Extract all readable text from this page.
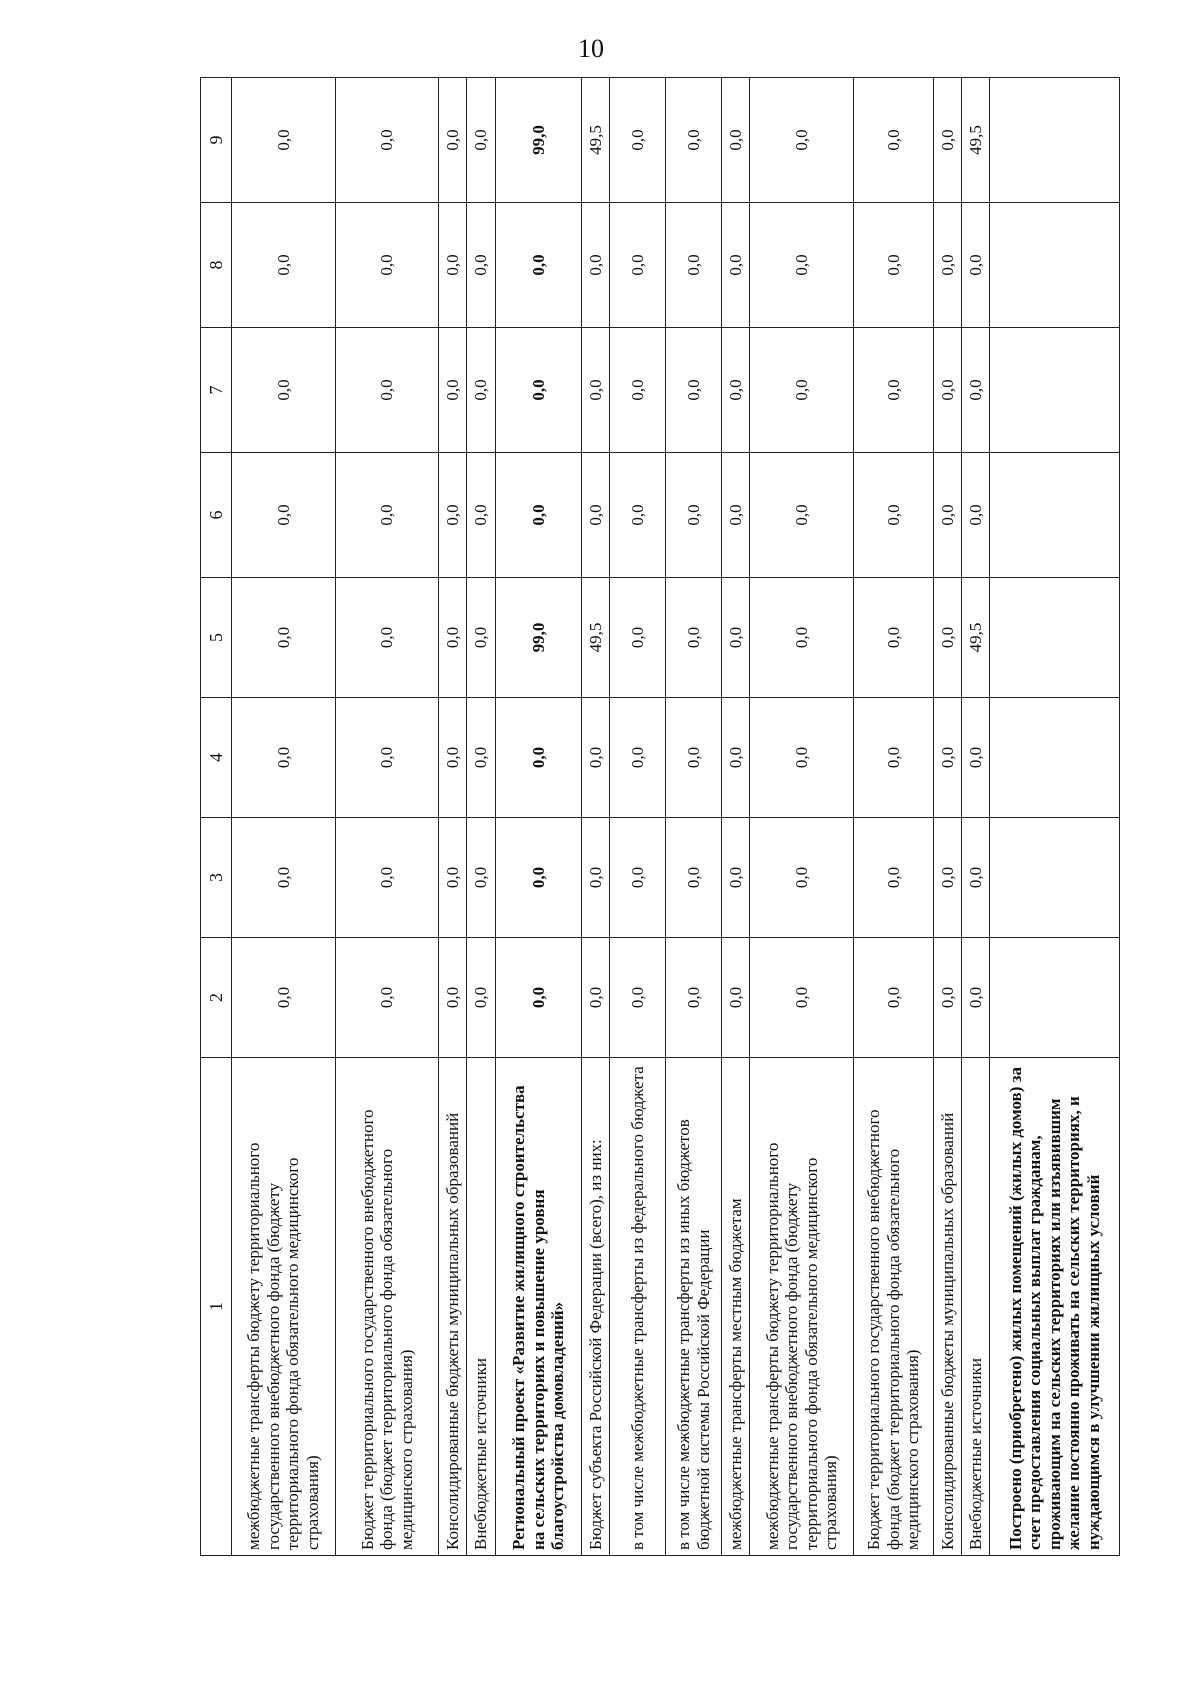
10
1	2	3	4	5	6	7	8	9
межбюджетные трансферты бюджету территориального государственного внебюджетного фонда (бюджету территориального фонда обязательного медицинского страхования)	0,0	0,0	0,0	0,0	0,0	0,0	0,0	0,0
Бюджет территориального государственного внебюджетного фонда (бюджет территориального фонда обязательного медицинского страхования)	0,0	0,0	0,0	0,0	0,0	0,0	0,0	0,0
Консолидированные бюджеты муниципальных образований	0,0	0,0	0,0	0,0	0,0	0,0	0,0	0,0
Внебюджетные источники	0,0	0,0	0,0	0,0	0,0	0,0	0,0	0,0
Региональный проект «Развитие жилищного строительства на сельских территориях и повышение уровня благоустройства домовладений»	0,0	0,0	0,0	99,0	0,0	0,0	0,0	99,0
Бюджет субъекта Российской Федерации (всего), из них:	0,0	0,0	0,0	49,5	0,0	0,0	0,0	49,5
в том числе межбюджетные трансферты из федерального бюджета	0,0	0,0	0,0	0,0	0,0	0,0	0,0	0,0
в том числе межбюджетные трансферты из иных бюджетов бюджетной системы Российской Федерации	0,0	0,0	0,0	0,0	0,0	0,0	0,0	0,0
межбюджетные трансферты местным бюджетам	0,0	0,0	0,0	0,0	0,0	0,0	0,0	0,0
межбюджетные трансферты бюджету территориального государственного внебюджетного фонда (бюджету территориального фонда обязательного медицинского страхования)	0,0	0,0	0,0	0,0	0,0	0,0	0,0	0,0
Бюджет территориального государственного внебюджетного фонда (бюджет территориального фонда обязательного медицинского страхования)	0,0	0,0	0,0	0,0	0,0	0,0	0,0	0,0
Консолидированные бюджеты муниципальных образований	0,0	0,0	0,0	0,0	0,0	0,0	0,0	0,0
Внебюджетные источники	0,0	0,0	0,0	49,5	0,0	0,0	0,0	49,5
Построено (приобретено) жилых помещений (жилых домов) за счет предоставления социальных выплат гражданам, проживающим на сельских территориях или изъявившим желание постоянно проживать на сельских территориях, и нуждающимся в улучшении жилищных условий								
